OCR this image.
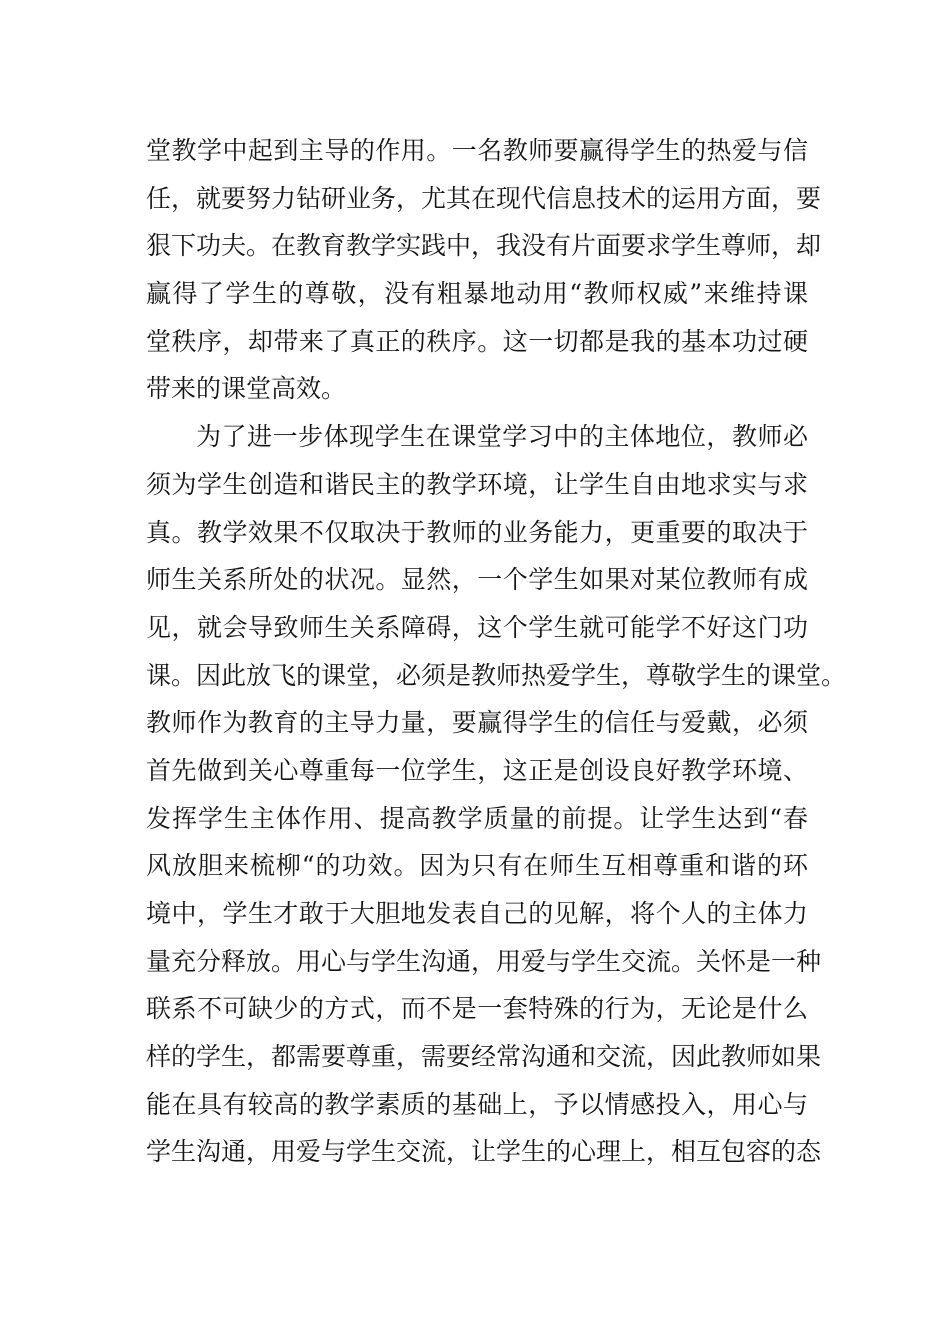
堂教学中起到主导的作用。一名教师要赢得学生的热爱与信
任，就要努力钻研业务，尤其在现代信息技术的运用方面，要
狠下功夫。在教育教学实践中，我没有片面要求学生尊师，却
赢得了学生的尊敬，没有粗暴地动用“教师权威”来维持课
堂秩序，却带来了真正的秩序。这一切都是我的基本功过硬
带来的课堂高效。
为了进一步体现学生在课堂学习中的主体地位，教师必
须为学生创造和谐民主的教学环境，让学生自由地求实与求
真。教学效果不仅取决于教师的业务能力，更重要的取决于
师生关系所处的状况。显然，一个学生如果对某位教师有成
见，就会导致师生关系障碍，这个学生就可能学不好这门功
课。因此放飞的课堂，必须是教师热爱学生，尊敬学生的课堂。
教师作为教育的主导力量，要赢得学生的信任与爱戴，必须
首先做到关心尊重每一位学生，这正是创设良好教学环境、
发挥学生主体作用、提高教学质量的前提。让学生达到“春
风放胆来梳柳“的功效。因为只有在师生互相尊重和谐的环
境中，学生才敢于大胆地发表自己的见解，将个人的主体力
量充分释放。用心与学生沟通，用爱与学生交流。关怀是一种
联系不可缺少的方式，而不是一套特殊的行为，无论是什么
样的学生，都需要尊重，需要经常沟通和交流，因此教师如果
能在具有较高的教学素质的基础上，予以情感投入，用心与
学生沟通，用爱与学生交流，让学生的心理上，相互包容的态
